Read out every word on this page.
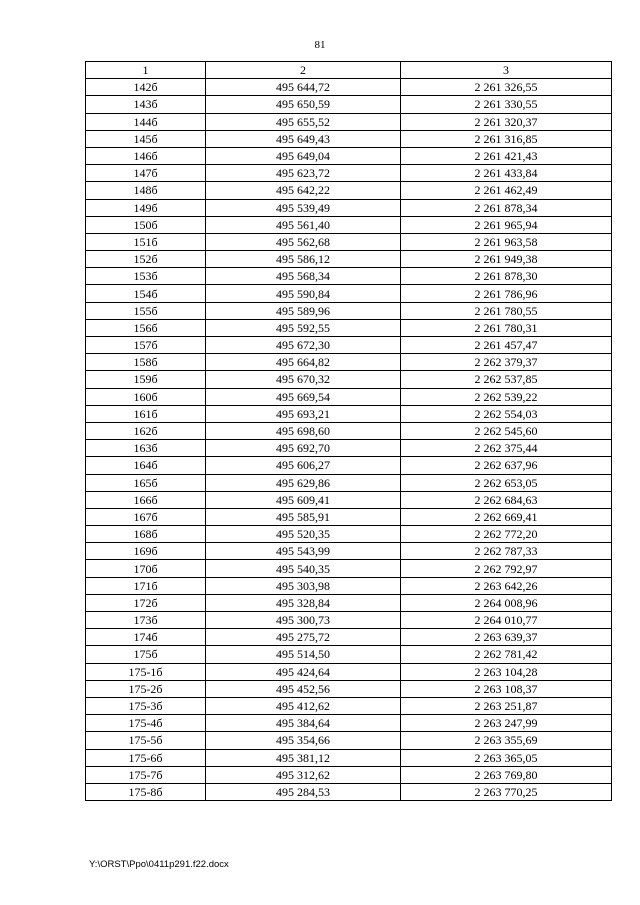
81
1	2	3
142б	495 644,72	2 261 326,55
143б	495 650,59	2 261 330,55
144б	495 655,52	2 261 320,37
145б	495 649,43	2 261 316,85
146б	495 649,04	2 261 421,43
147б	495 623,72	2 261 433,84
148б	495 642,22	2 261 462,49
149б	495 539,49	2 261 878,34
150б	495 561,40	2 261 965,94
151б	495 562,68	2 261 963,58
152б	495 586,12	2 261 949,38
153б	495 568,34	2 261 878,30
154б	495 590,84	2 261 786,96
155б	495 589,96	2 261 780,55
156б	495 592,55	2 261 780,31
157б	495 672,30	2 261 457,47
158б	495 664,82	2 262 379,37
159б	495 670,32	2 262 537,85
160б	495 669,54	2 262 539,22
161б	495 693,21	2 262 554,03
162б	495 698,60	2 262 545,60
163б	495 692,70	2 262 375,44
164б	495 606,27	2 262 637,96
165б	495 629,86	2 262 653,05
166б	495 609,41	2 262 684,63
167б	495 585,91	2 262 669,41
168б	495 520,35	2 262 772,20
169б	495 543,99	2 262 787,33
170б	495 540,35	2 262 792,97
171б	495 303,98	2 263 642,26
172б	495 328,84	2 264 008,96
173б	495 300,73	2 264 010,77
174б	495 275,72	2 263 639,37
175б	495 514,50	2 262 781,42
175-1б	495 424,64	2 263 104,28
175-2б	495 452,56	2 263 108,37
175-3б	495 412,62	2 263 251,87
175-4б	495 384,64	2 263 247,99
175-5б	495 354,66	2 263 355,69
175-6б	495 381,12	2 263 365,05
175-7б	495 312,62	2 263 769,80
175-8б	495 284,53	2 263 770,25
Y:\ORST\Ppo\0411p291.f22.docx
